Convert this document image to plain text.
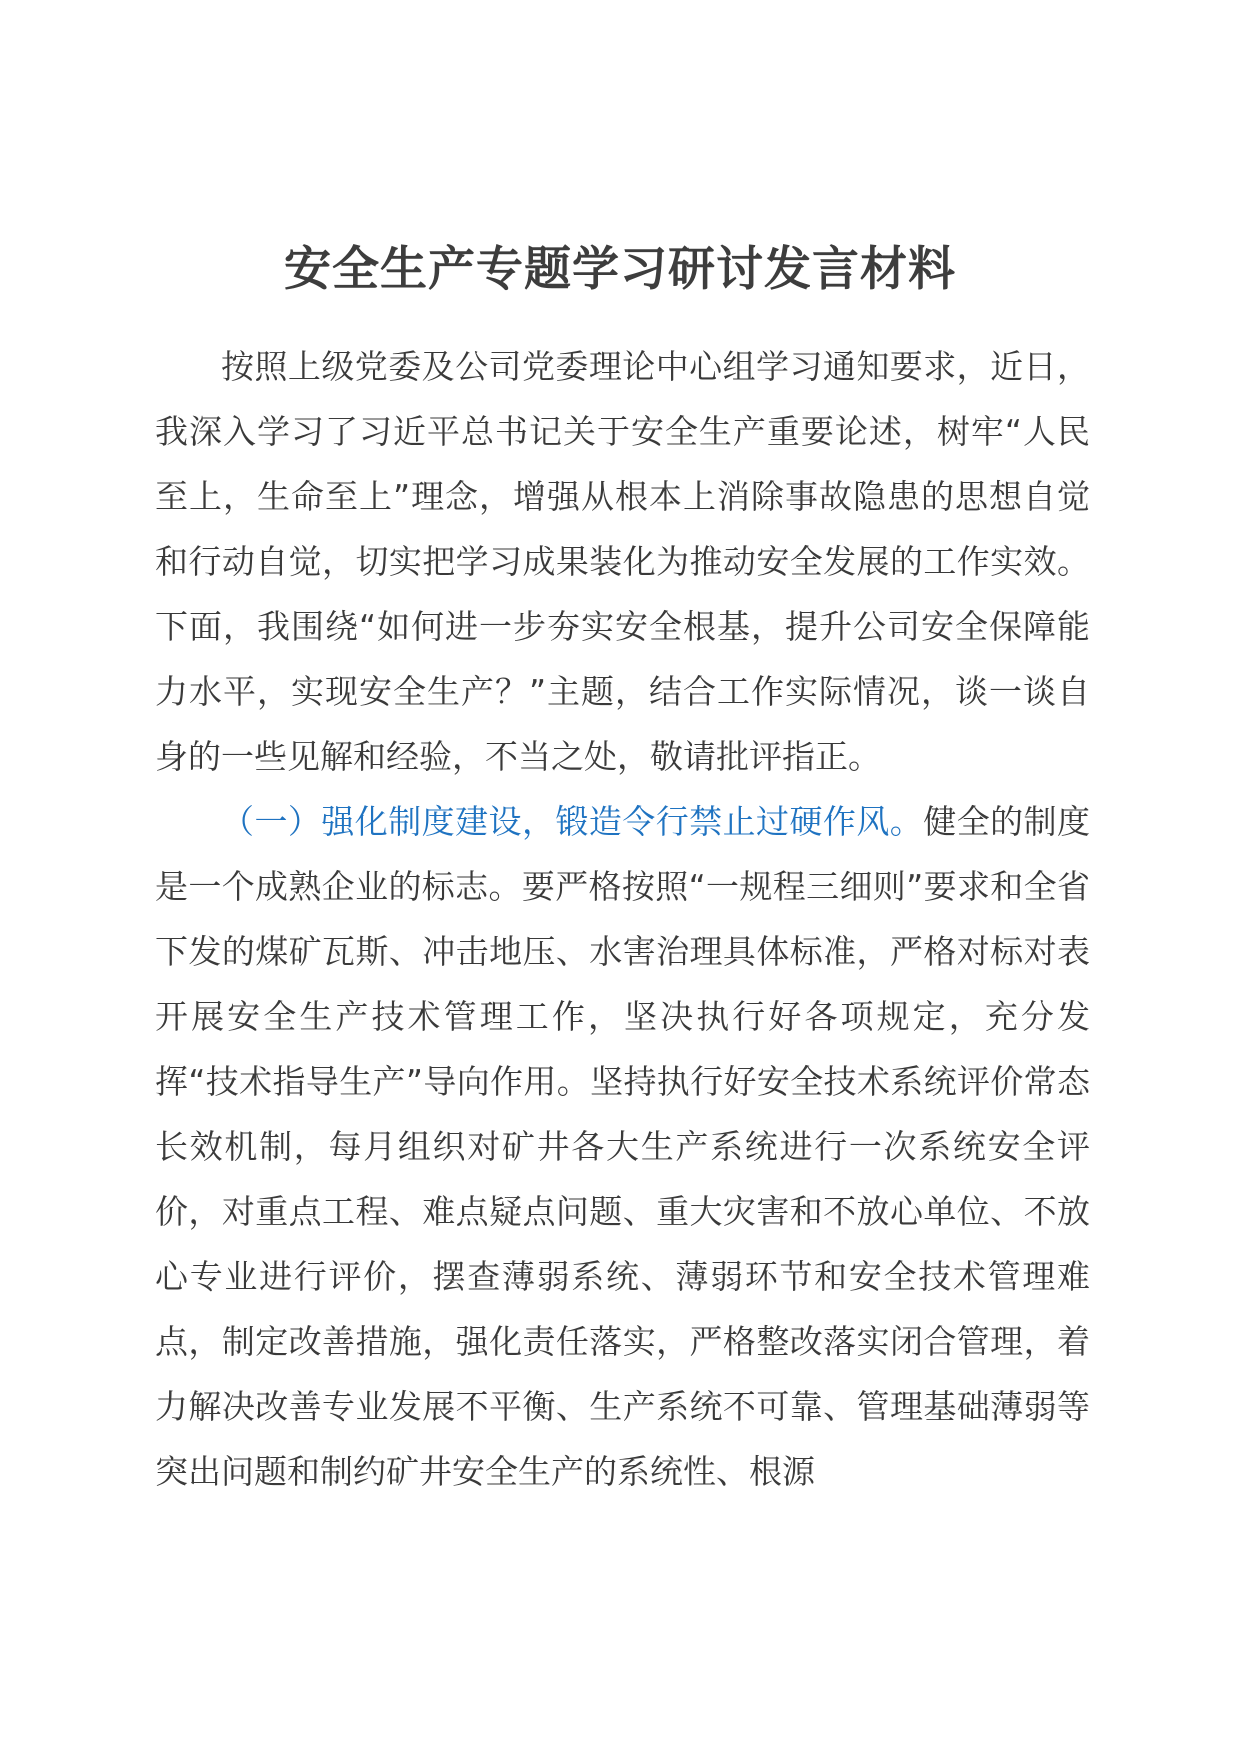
安全生产专题学习研讨发言材料

按照上级党委及公司党委理论中心组学习通知要求，近日，我深入学习了习近平总书记关于安全生产重要论述，树牢“人民至上，生命至上”理念，增强从根本上消除事故隐患的思想自觉和行动自觉，切实把学习成果装化为推动安全发展的工作实效。下面，我围绕“如何进一步夯实安全根基，提升公司安全保障能力水平，实现安全生产？”主题，结合工作实际情况，谈一谈自身的一些见解和经验，不当之处，敬请批评指正。

（一）强化制度建设，锻造令行禁止过硬作风。健全的制度是一个成熟企业的标志。要严格按照“一规程三细则”要求和全省下发的煤矿瓦斯、冲击地压、水害治理具体标准，严格对标对表开展安全生产技术管理工作，坚决执行好各项规定，充分发挥“技术指导生产”导向作用。坚持执行好安全技术系统评价常态长效机制，每月组织对矿井各大生产系统进行一次系统安全评价，对重点工程、难点疑点问题、重大灾害和不放心单位、不放心专业进行评价，摆查薄弱系统、薄弱环节和安全技术管理难点，制定改善措施，强化责任落实，严格整改落实闭合管理，着力解决改善专业发展不平衡、生产系统不可靠、管理基础薄弱等突出问题和制约矿井安全生产的系统性、根源
